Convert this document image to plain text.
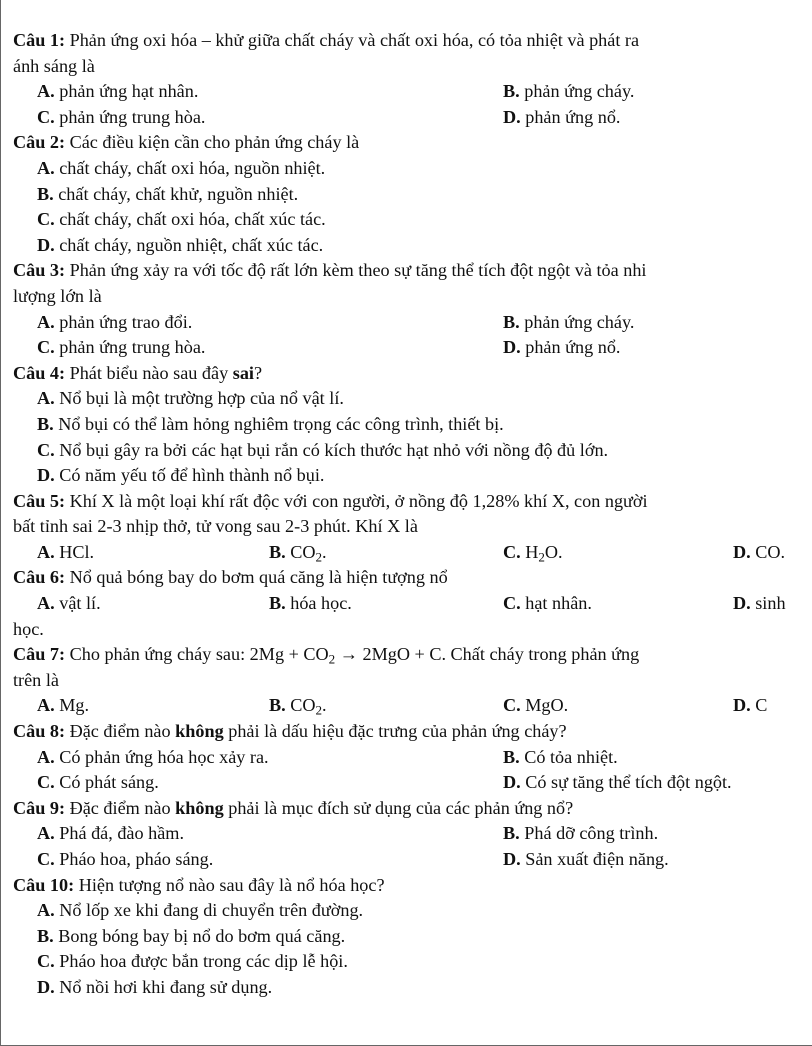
Câu 1: Phản ứng oxi hóa – khử giữa chất cháy và chất oxi hóa, có tỏa nhiệt và phát ra
ánh sáng là
A. phản ứng hạt nhân.	B. phản ứng cháy.
C. phản ứng trung hòa.	D. phản ứng nổ.
Câu 2: Các điều kiện cần cho phản ứng cháy là
A. chất cháy, chất oxi hóa, nguồn nhiệt.
B. chất cháy, chất khử, nguồn nhiệt.
C. chất cháy, chất oxi hóa, chất xúc tác.
D. chất cháy, nguồn nhiệt, chất xúc tác.
Câu 3: Phản ứng xảy ra với tốc độ rất lớn kèm theo sự tăng thể tích đột ngột và tỏa nhi
lượng lớn là
A. phản ứng trao đổi.	B. phản ứng cháy.
C. phản ứng trung hòa.	D. phản ứng nổ.
Câu 4: Phát biểu nào sau đây sai?
A. Nổ bụi là một trường hợp của nổ vật lí.
B. Nổ bụi có thể làm hỏng nghiêm trọng các công trình, thiết bị.
C. Nổ bụi gây ra bởi các hạt bụi rắn có kích thước hạt nhỏ với nồng độ đủ lớn.
D. Có năm yếu tố để hình thành nổ bụi.
Câu 5: Khí X là một loại khí rất độc với con người, ở nồng độ 1,28% khí X, con người
bất tỉnh sai 2-3 nhịp thở, tử vong sau 2-3 phút. Khí X là
A. HCl.	B. $CO_2$.	C. $H_2O$.	D. CO.
Câu 6: Nổ quả bóng bay do bơm quá căng là hiện tượng nổ
A. vật lí.	B. hóa học.	C. hạt nhân.	D. sinh
học.
Câu 7: Cho phản ứng cháy sau: $2Mg + CO_2 \to 2MgO + C$. Chất cháy trong phản ứng
trên là
A. Mg.	B. $CO_2$.	C. MgO.	D. C
Câu 8: Đặc điểm nào không phải là dấu hiệu đặc trưng của phản ứng cháy?
A. Có phản ứng hóa học xảy ra.	B. Có tỏa nhiệt.
C. Có phát sáng.	D. Có sự tăng thể tích đột ngột.
Câu 9: Đặc điểm nào không phải là mục đích sử dụng của các phản ứng nổ?
A. Phá đá, đào hầm.	B. Phá dỡ công trình.
C. Pháo hoa, pháo sáng.	D. Sản xuất điện năng.
Câu 10: Hiện tượng nổ nào sau đây là nổ hóa học?
A. Nổ lốp xe khi đang di chuyển trên đường.
B. Bong bóng bay bị nổ do bơm quá căng.
C. Pháo hoa được bắn trong các dịp lễ hội.
D. Nổ nồi hơi khi đang sử dụng.
